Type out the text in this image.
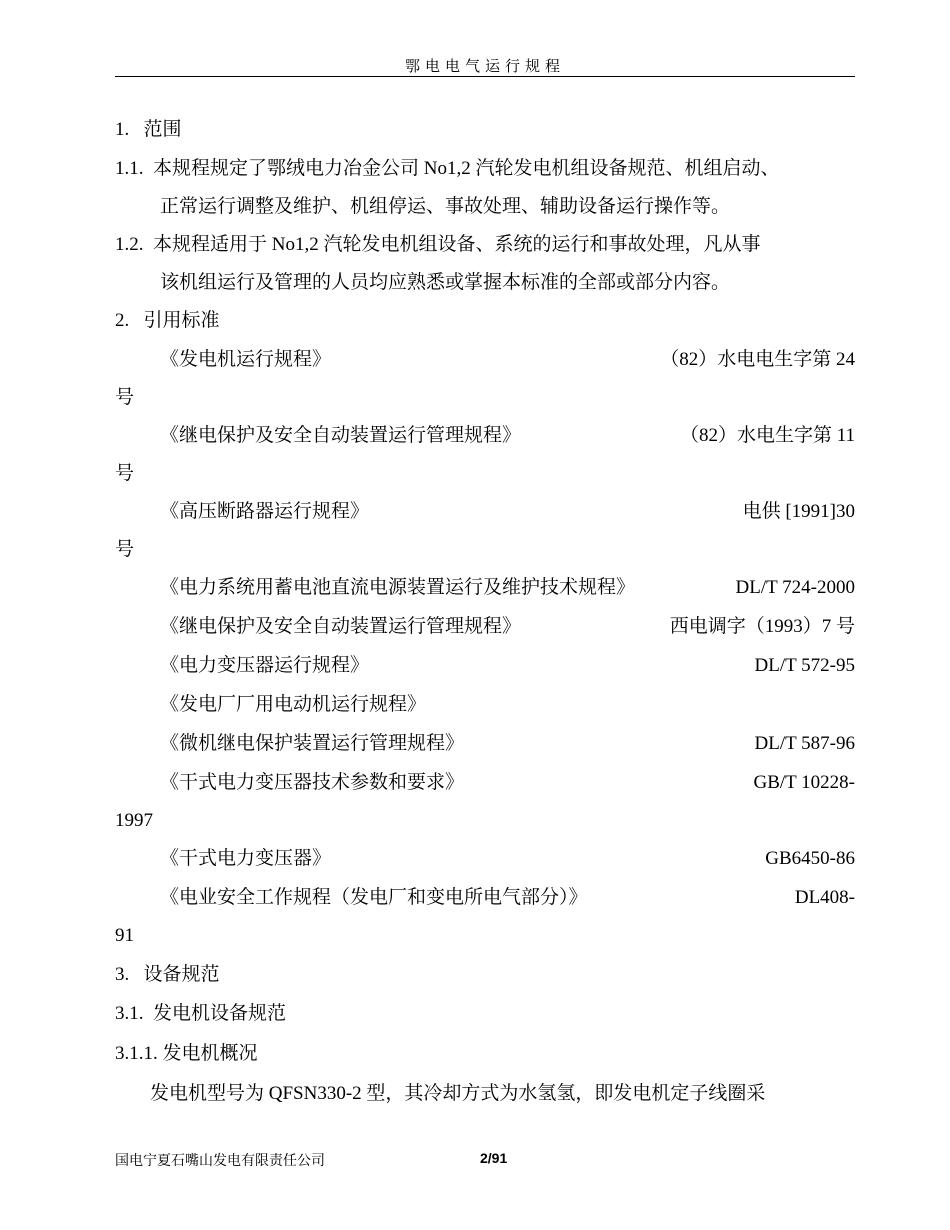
鄂电电气运行规程
1. 范围
1.1. 本规程规定了鄂绒电力冶金公司 No1,2 汽轮发电机组设备规范、机组启动、
正常运行调整及维护、机组停运、事故处理、辅助设备运行操作等。
1.2. 本规程适用于 No1,2 汽轮发电机组设备、系统的运行和事故处理，凡从事
该机组运行及管理的人员均应熟悉或掌握本标准的全部或部分内容。
2. 引用标准
《发电机运行规程》	（82）水电电生字第 24
号
《继电保护及安全自动装置运行管理规程》	（82）水电生字第 11
号
《高压断路器运行规程》	电供 [1991]30
号
《电力系统用蓄电池直流电源装置运行及维护技术规程》	DL/T 724-2000
《继电保护及安全自动装置运行管理规程》	西电调字（1993）7 号
《电力变压器运行规程》	DL/T 572-95
《发电厂厂用电动机运行规程》
《微机继电保护装置运行管理规程》	DL/T 587-96
《干式电力变压器技术参数和要求》	GB/T 10228-
1997
《干式电力变压器》	GB6450-86
《电业安全工作规程（发电厂和变电所电气部分）》	DL408-
91
3. 设备规范
3.1. 发电机设备规范
3.1.1. 发电机概况
发电机型号为 QFSN330-2 型，其冷却方式为水氢氢，即发电机定子线圈采
国电宁夏石嘴山发电有限责任公司	2/91
